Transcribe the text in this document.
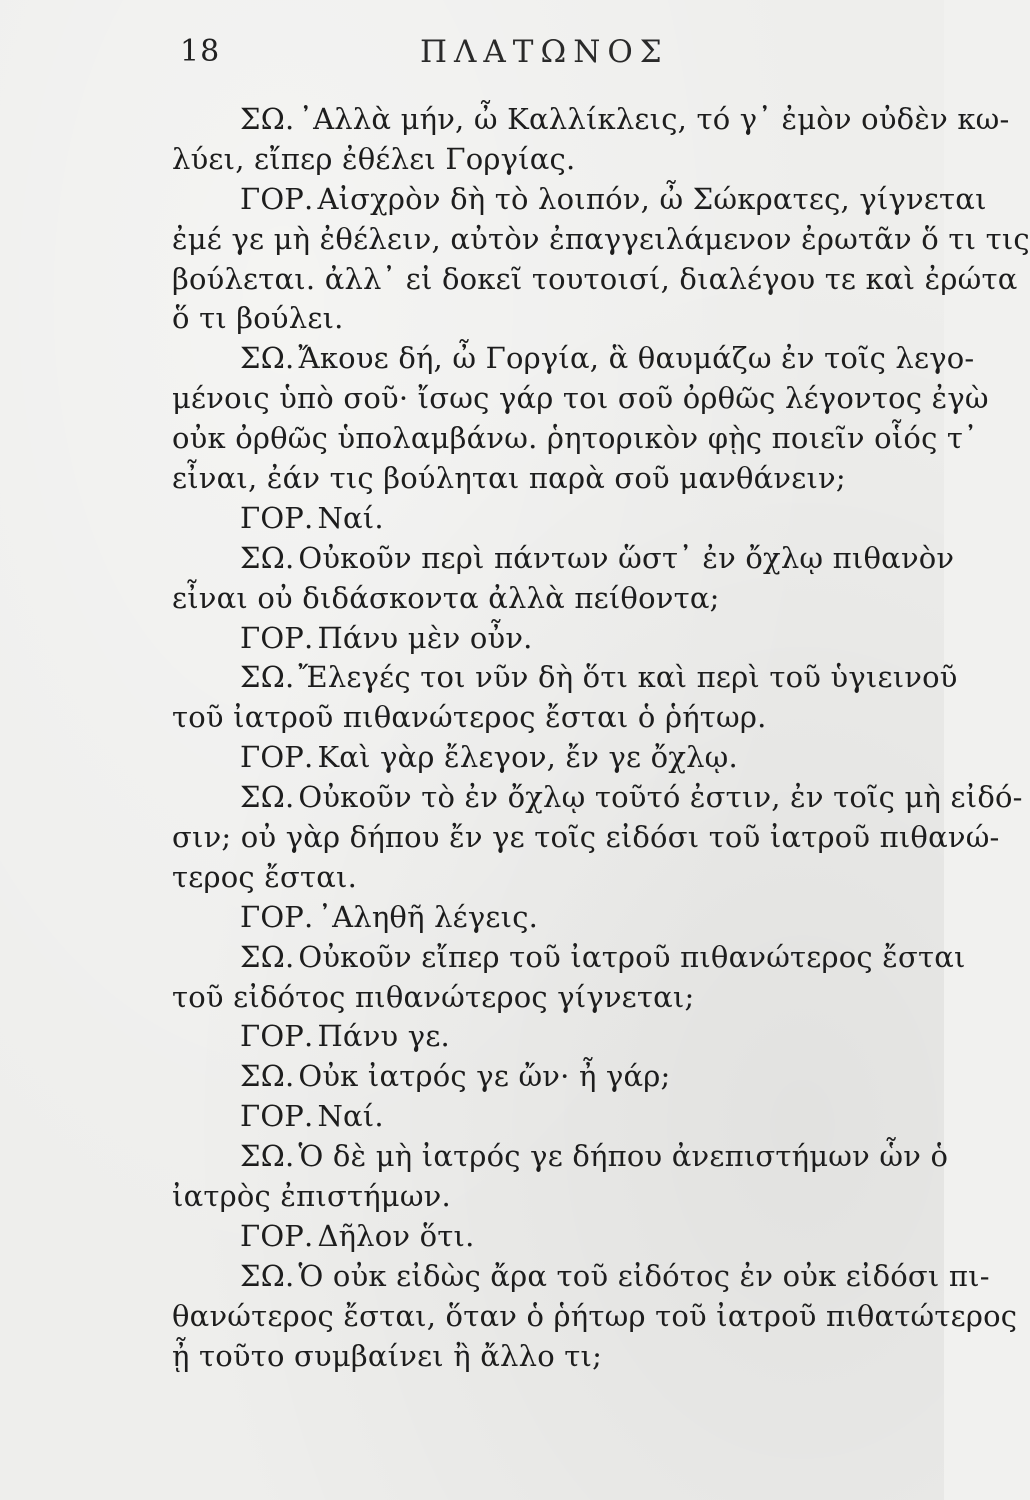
18	ΠΛΑΤΩΝΟΣ
ΣΩ. ᾽Αλλὰ μήν, ὦ Καλλίκλεις, τό γ᾽ ἐμὸν οὐδὲν κω-
λύει, εἴπερ ἐθέλει Γοργίας.
ΓΟΡ. Αἰσχρὸν δὴ τὸ λοιπόν, ὦ Σώκρατες, γίγνεται
ἐμέ γε μὴ ἐθέλειν, αὐτὸν ἐπαγγειλάμενον ἐρωτᾶν ὅ τι τις
βούλεται. ἀλλ᾽ εἰ δοκεῖ τουτοισί, διαλέγου τε καὶ ἐρώτα
ὅ τι βούλει.
ΣΩ. Ἄκουε δή, ὦ Γοργία, ἃ θαυμάζω ἐν τοῖς λεγο-
μένοις ὑπὸ σοῦ· ἴσως γάρ τοι σοῦ ὀρθῶς λέγοντος ἐγὼ
οὐκ ὀρθῶς ὑπολαμβάνω. ῥητορικὸν φῂς ποιεῖν οἷός τ᾽
εἶναι, ἐάν τις βούληται παρὰ σοῦ μανθάνειν;
ΓΟΡ. Ναί.
ΣΩ. Οὐκοῦν περὶ πάντων ὥστ᾽ ἐν ὄχλῳ πιθανὸν
εἶναι οὐ διδάσκοντα ἀλλὰ πείθοντα;
ΓΟΡ. Πάνυ μὲν οὖν.
ΣΩ. Ἔλεγές τοι νῦν δὴ ὅτι καὶ περὶ τοῦ ὑγιεινοῦ
τοῦ ἰατροῦ πιθανώτερος ἔσται ὁ ῥήτωρ.
ΓΟΡ. Καὶ γὰρ ἔλεγον, ἔν γε ὄχλῳ.
ΣΩ. Οὐκοῦν τὸ ἐν ὄχλῳ τοῦτό ἐστιν, ἐν τοῖς μὴ εἰδό-
σιν; οὐ γὰρ δήπου ἔν γε τοῖς εἰδόσι τοῦ ἰατροῦ πιθανώ-
τερος ἔσται.
ΓΟΡ. ᾽Αληθῆ λέγεις.
ΣΩ. Οὐκοῦν εἴπερ τοῦ ἰατροῦ πιθανώτερος ἔσται
τοῦ εἰδότος πιθανώτερος γίγνεται;
ΓΟΡ. Πάνυ γε.
ΣΩ. Οὐκ ἰατρός γε ὤν· ἦ γάρ;
ΓΟΡ. Ναί.
ΣΩ. Ὁ δὲ μὴ ἰατρός γε δήπου ἀνεπιστήμων ὧν ὁ
ἰατρὸς ἐπιστήμων.
ΓΟΡ. Δῆλον ὅτι.
ΣΩ. Ὁ οὐκ εἰδὼς ἄρα τοῦ εἰδότος ἐν οὐκ εἰδόσι πι-
θανώτερος ἔσται, ὅταν ὁ ῥήτωρ τοῦ ἰατροῦ πιθατώτερος
ᾖ τοῦτο συμβαίνει ἢ ἄλλο τι;
